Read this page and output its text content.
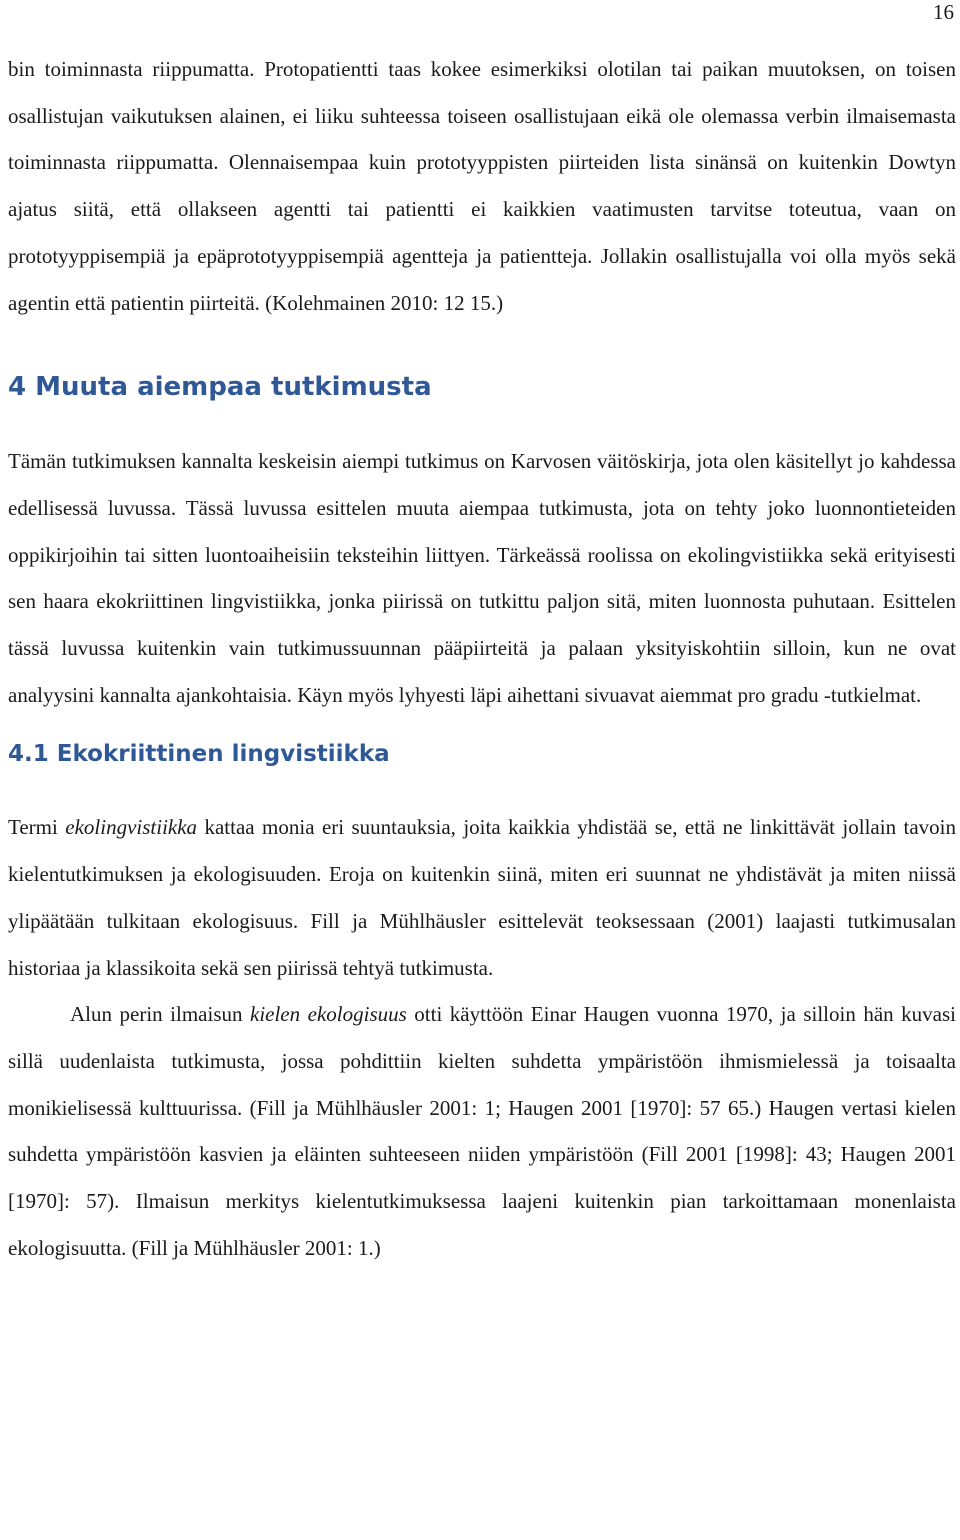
16

bin toiminnasta riippumatta. Protopatientti taas kokee esimerkiksi olotilan tai paikan muutoksen, on toisen osallistujan vaikutuksen alainen, ei liiku suhteessa toiseen osallistujaan eikä ole olemassa verbin ilmaisemasta toiminnasta riippumatta. Olennaisempaa kuin prototyyppisten piirteiden lista sinänsä on kuitenkin Dowtyn ajatus siitä, että ollakseen agentti tai patientti ei kaikkien vaatimusten tarvitse toteutua, vaan on prototyyppisempiä ja epäprototyyppisempiä agentteja ja patientteja. Jollakin osallistujalla voi olla myös sekä agentin että patientin piirteitä. (Kolehmainen 2010: 12 15.)

4 Muuta aiempaa tutkimusta

Tämän tutkimuksen kannalta keskeisin aiempi tutkimus on Karvosen väitöskirja, jota olen käsitellyt jo kahdessa edellisessä luvussa. Tässä luvussa esittelen muuta aiempaa tutkimusta, jota on tehty joko luonnontieteiden oppikirjoihin tai sitten luontoaiheisiin teksteihin liittyen. Tärkeässä roolissa on ekolingvistiikka sekä erityisesti sen haara ekokriittinen lingvistiikka, jonka piirissä on tutkittu paljon sitä, miten luonnosta puhutaan. Esittelen tässä luvussa kuitenkin vain tutkimussuunnan pääpiirteitä ja palaan yksityiskohtiin silloin, kun ne ovat analyysini kannalta ajankohtaisia. Käyn myös lyhyesti läpi aihettani sivuavat aiemmat pro gradu -tutkielmat.

4.1 Ekokriittinen lingvistiikka

Termi ekolingvistiikka kattaa monia eri suuntauksia, joita kaikkia yhdistää se, että ne linkittävät jollain tavoin kielentutkimuksen ja ekologisuuden. Eroja on kuitenkin siinä, miten eri suunnat ne yhdistävät ja miten niissä ylipäätään tulkitaan ekologisuus. Fill ja Mühlhäusler esittelevät teoksessaan (2001) laajasti tutkimusalan historiaa ja klassikoita sekä sen piirissä tehtyä tutkimusta.

Alun perin ilmaisun kielen ekologisuus otti käyttöön Einar Haugen vuonna 1970, ja silloin hän kuvasi sillä uudenlaista tutkimusta, jossa pohdittiin kielten suhdetta ympäristöön ihmismielessä ja toisaalta monikielisessä kulttuurissa. (Fill ja Mühlhäusler 2001: 1; Haugen 2001 [1970]: 57 65.) Haugen vertasi kielen suhdetta ympäristöön kasvien ja eläinten suhteeseen niiden ympäristöön (Fill 2001 [1998]: 43; Haugen 2001 [1970]: 57). Ilmaisun merkitys kielentutkimuksessa laajeni kuitenkin pian tarkoittamaan monenlaista ekologisuutta. (Fill ja Mühlhäusler 2001: 1.)
